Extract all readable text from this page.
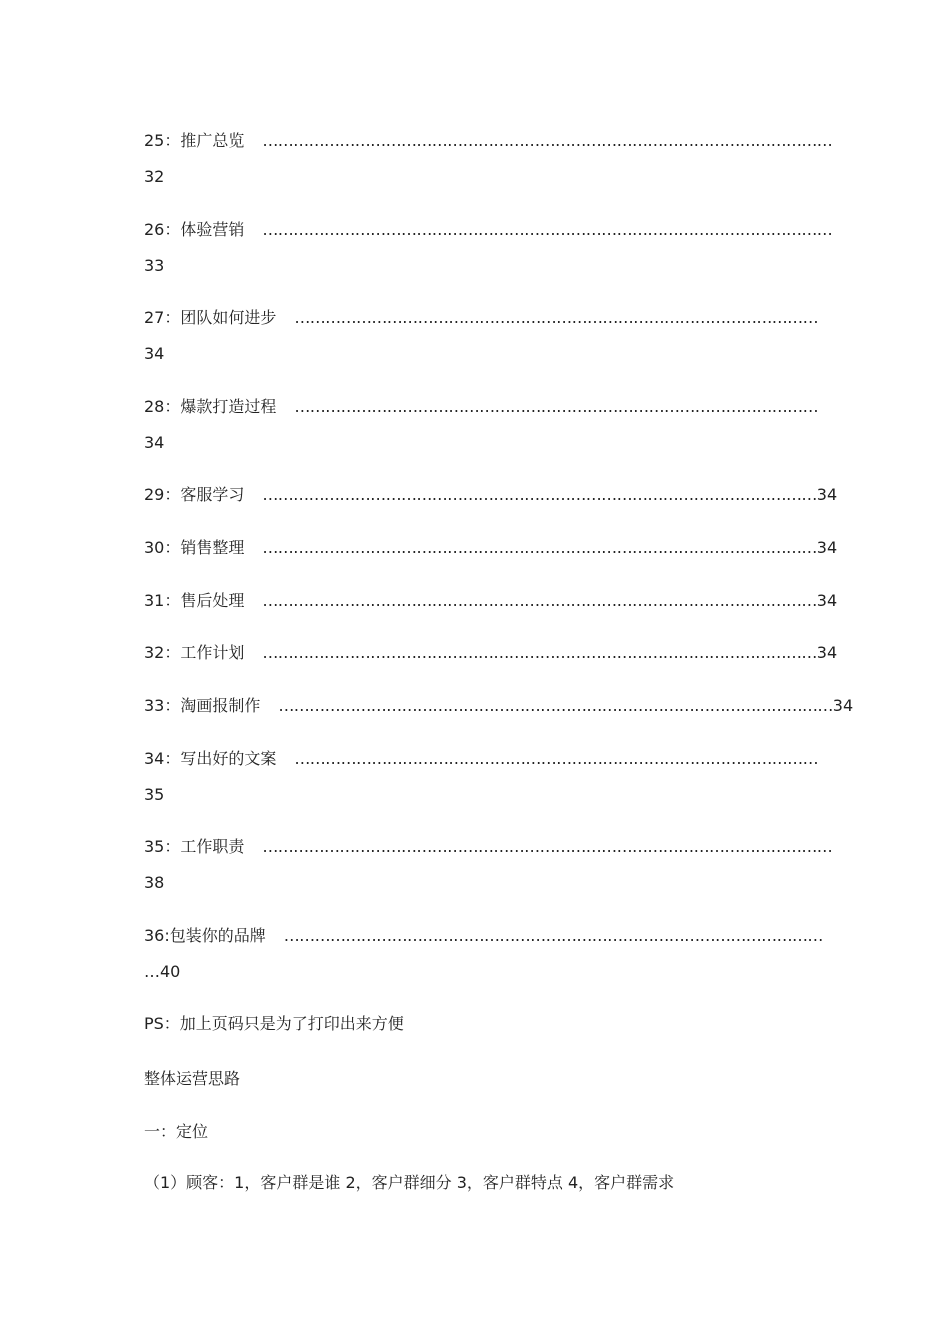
25：推广总览 …………………………………………………………………………………………………
32
26：体验营销 …………………………………………………………………………………………………
33
27：团队如何进步 …………………………………………………………………………………………
34
28：爆款打造过程 …………………………………………………………………………………………
34
29：客服学习 ………………………………………………………………………………………………34
30：销售整理 ………………………………………………………………………………………………34
31：售后处理 ………………………………………………………………………………………………34
32：工作计划 ………………………………………………………………………………………………34
33：淘画报制作 ………………………………………………………………………………………………34
34：写出好的文案 …………………………………………………………………………………………
35
35：工作职责 …………………………………………………………………………………………………
38
36:包装你的品牌 ……………………………………………………………………………………………
…40
PS：加上页码只是为了打印出来方便
整体运营思路
一：定位
（1）顾客：1，客户群是谁 2，客户群细分 3，客户群特点 4，客户群需求
